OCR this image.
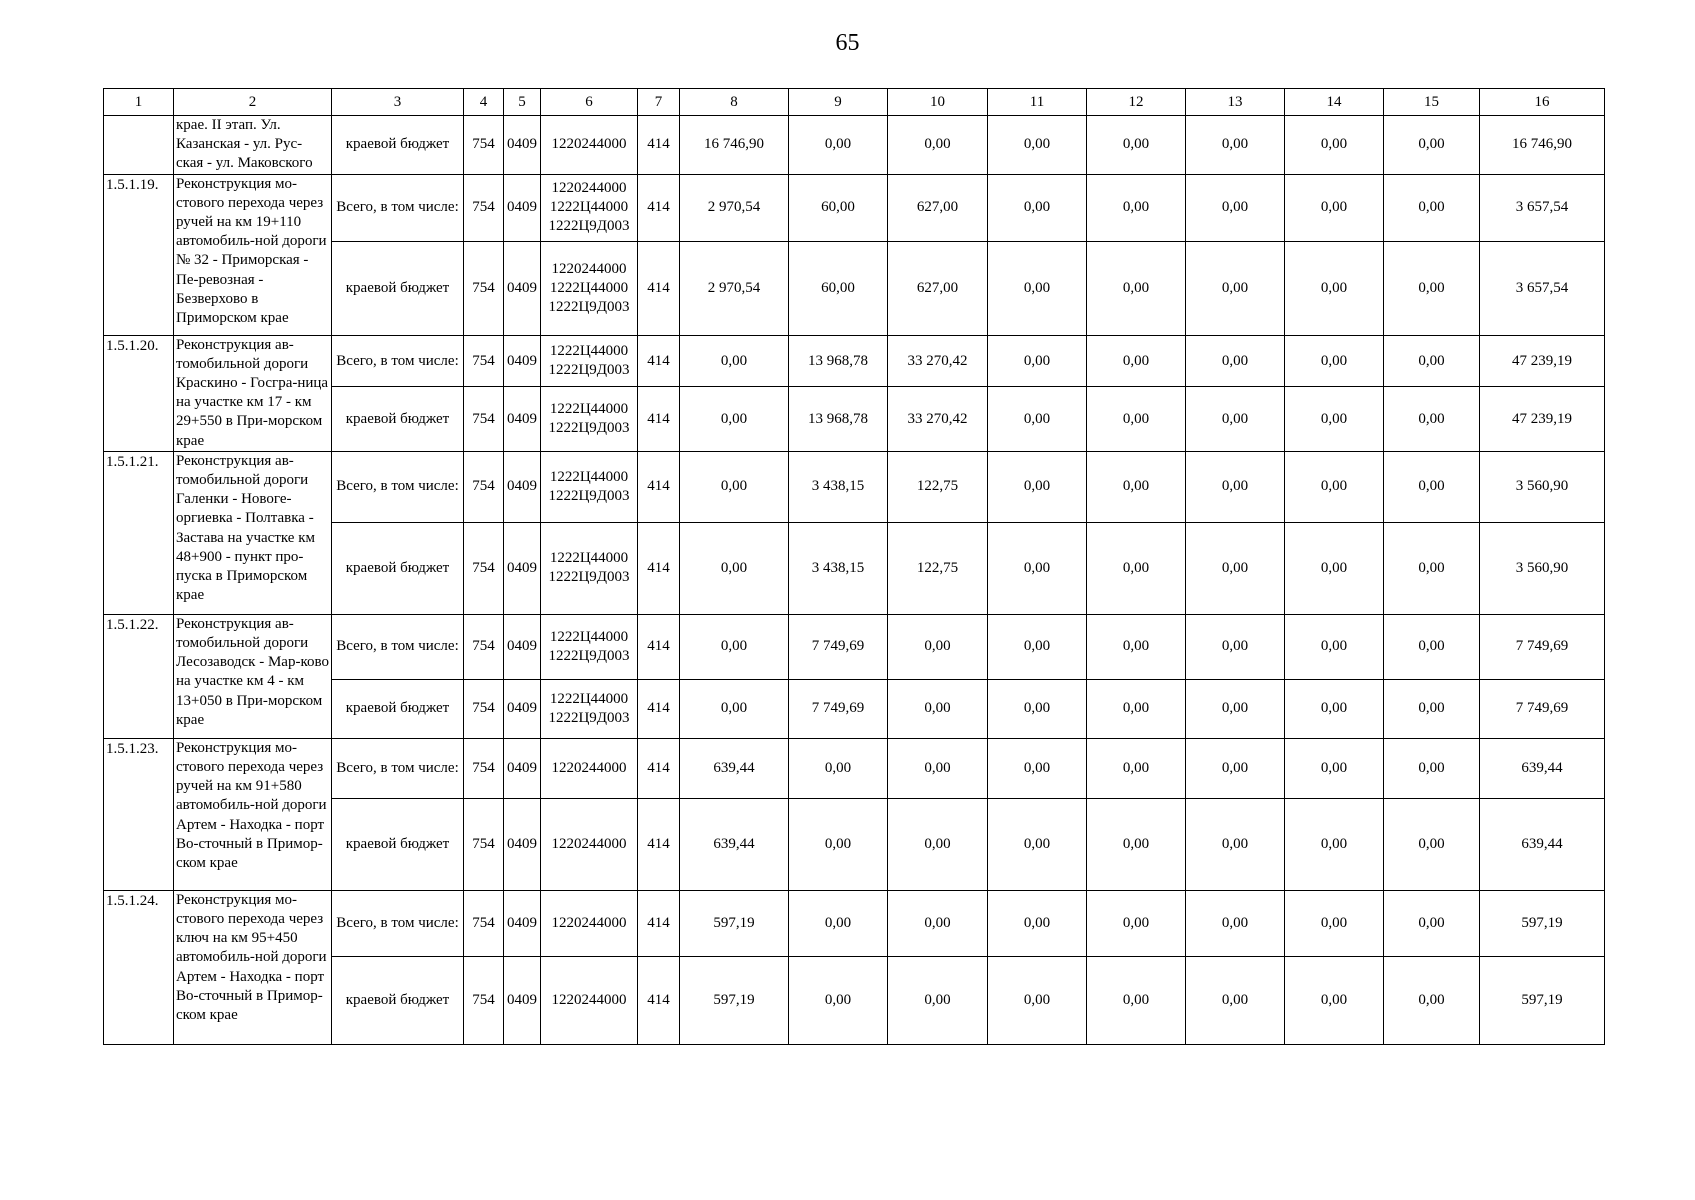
65
1	2	3	4	5	6	7	8	9	10	11	12	13	14	15	16
	крае. II этап. Ул. Казанская - ул. Рус-ская - ул. Маковского	краевой бюджет	754	0409	1220244000	414	16 746,90	0,00	0,00	0,00	0,00	0,00	0,00	0,00	16 746,90
1.5.1.19.	Реконструкция мо-стового перехода через ручей на км 19+110 автомобиль-ной дороги № 32 - Приморская - Пе-ревозная - Безверхово в Приморском крае	Всего, в том числе:	754	0409	1220244000 1222Ц44000 1222Ц9Д003	414	2 970,54	60,00	627,00	0,00	0,00	0,00	0,00	0,00	3 657,54
		краевой бюджет	754	0409	1220244000 1222Ц44000 1222Ц9Д003	414	2 970,54	60,00	627,00	0,00	0,00	0,00	0,00	0,00	3 657,54
1.5.1.20.	Реконструкция ав-томобильной дороги Краскино - Госгра-ница на участке км 17 - км 29+550 в При-морском крае	Всего, в том числе:	754	0409	1222Ц44000 1222Ц9Д003	414	0,00	13 968,78	33 270,42	0,00	0,00	0,00	0,00	0,00	47 239,19
		краевой бюджет	754	0409	1222Ц44000 1222Ц9Д003	414	0,00	13 968,78	33 270,42	0,00	0,00	0,00	0,00	0,00	47 239,19
1.5.1.21.	Реконструкция ав-томобильной дороги Галенки - Новоге-оргиевка - Полтавка - Застава на участке км 48+900 - пункт про-пуска в Приморском крае	Всего, в том числе:	754	0409	1222Ц44000 1222Ц9Д003	414	0,00	3 438,15	122,75	0,00	0,00	0,00	0,00	0,00	3 560,90
		краевой бюджет	754	0409	1222Ц44000 1222Ц9Д003	414	0,00	3 438,15	122,75	0,00	0,00	0,00	0,00	0,00	3 560,90
1.5.1.22.	Реконструкция ав-томобильной дороги Лесозаводск - Мар-ково на участке км 4 - км 13+050 в При-морском крае	Всего, в том числе:	754	0409	1222Ц44000 1222Ц9Д003	414	0,00	7 749,69	0,00	0,00	0,00	0,00	0,00	0,00	7 749,69
		краевой бюджет	754	0409	1222Ц44000 1222Ц9Д003	414	0,00	7 749,69	0,00	0,00	0,00	0,00	0,00	0,00	7 749,69
1.5.1.23.	Реконструкция мо-стового перехода через ручей на км 91+580 автомобиль-ной дороги Артем - Находка - порт Во-сточный в Примор-ском крае	Всего, в том числе:	754	0409	1220244000	414	639,44	0,00	0,00	0,00	0,00	0,00	0,00	0,00	639,44
		краевой бюджет	754	0409	1220244000	414	639,44	0,00	0,00	0,00	0,00	0,00	0,00	0,00	639,44
1.5.1.24.	Реконструкция мо-стового перехода через ключ на км 95+450 автомобиль-ной дороги Артем - Находка - порт Во-сточный в Примор-ском крае	Всего, в том числе:	754	0409	1220244000	414	597,19	0,00	0,00	0,00	0,00	0,00	0,00	0,00	597,19
		краевой бюджет	754	0409	1220244000	414	597,19	0,00	0,00	0,00	0,00	0,00	0,00	0,00	597,19
